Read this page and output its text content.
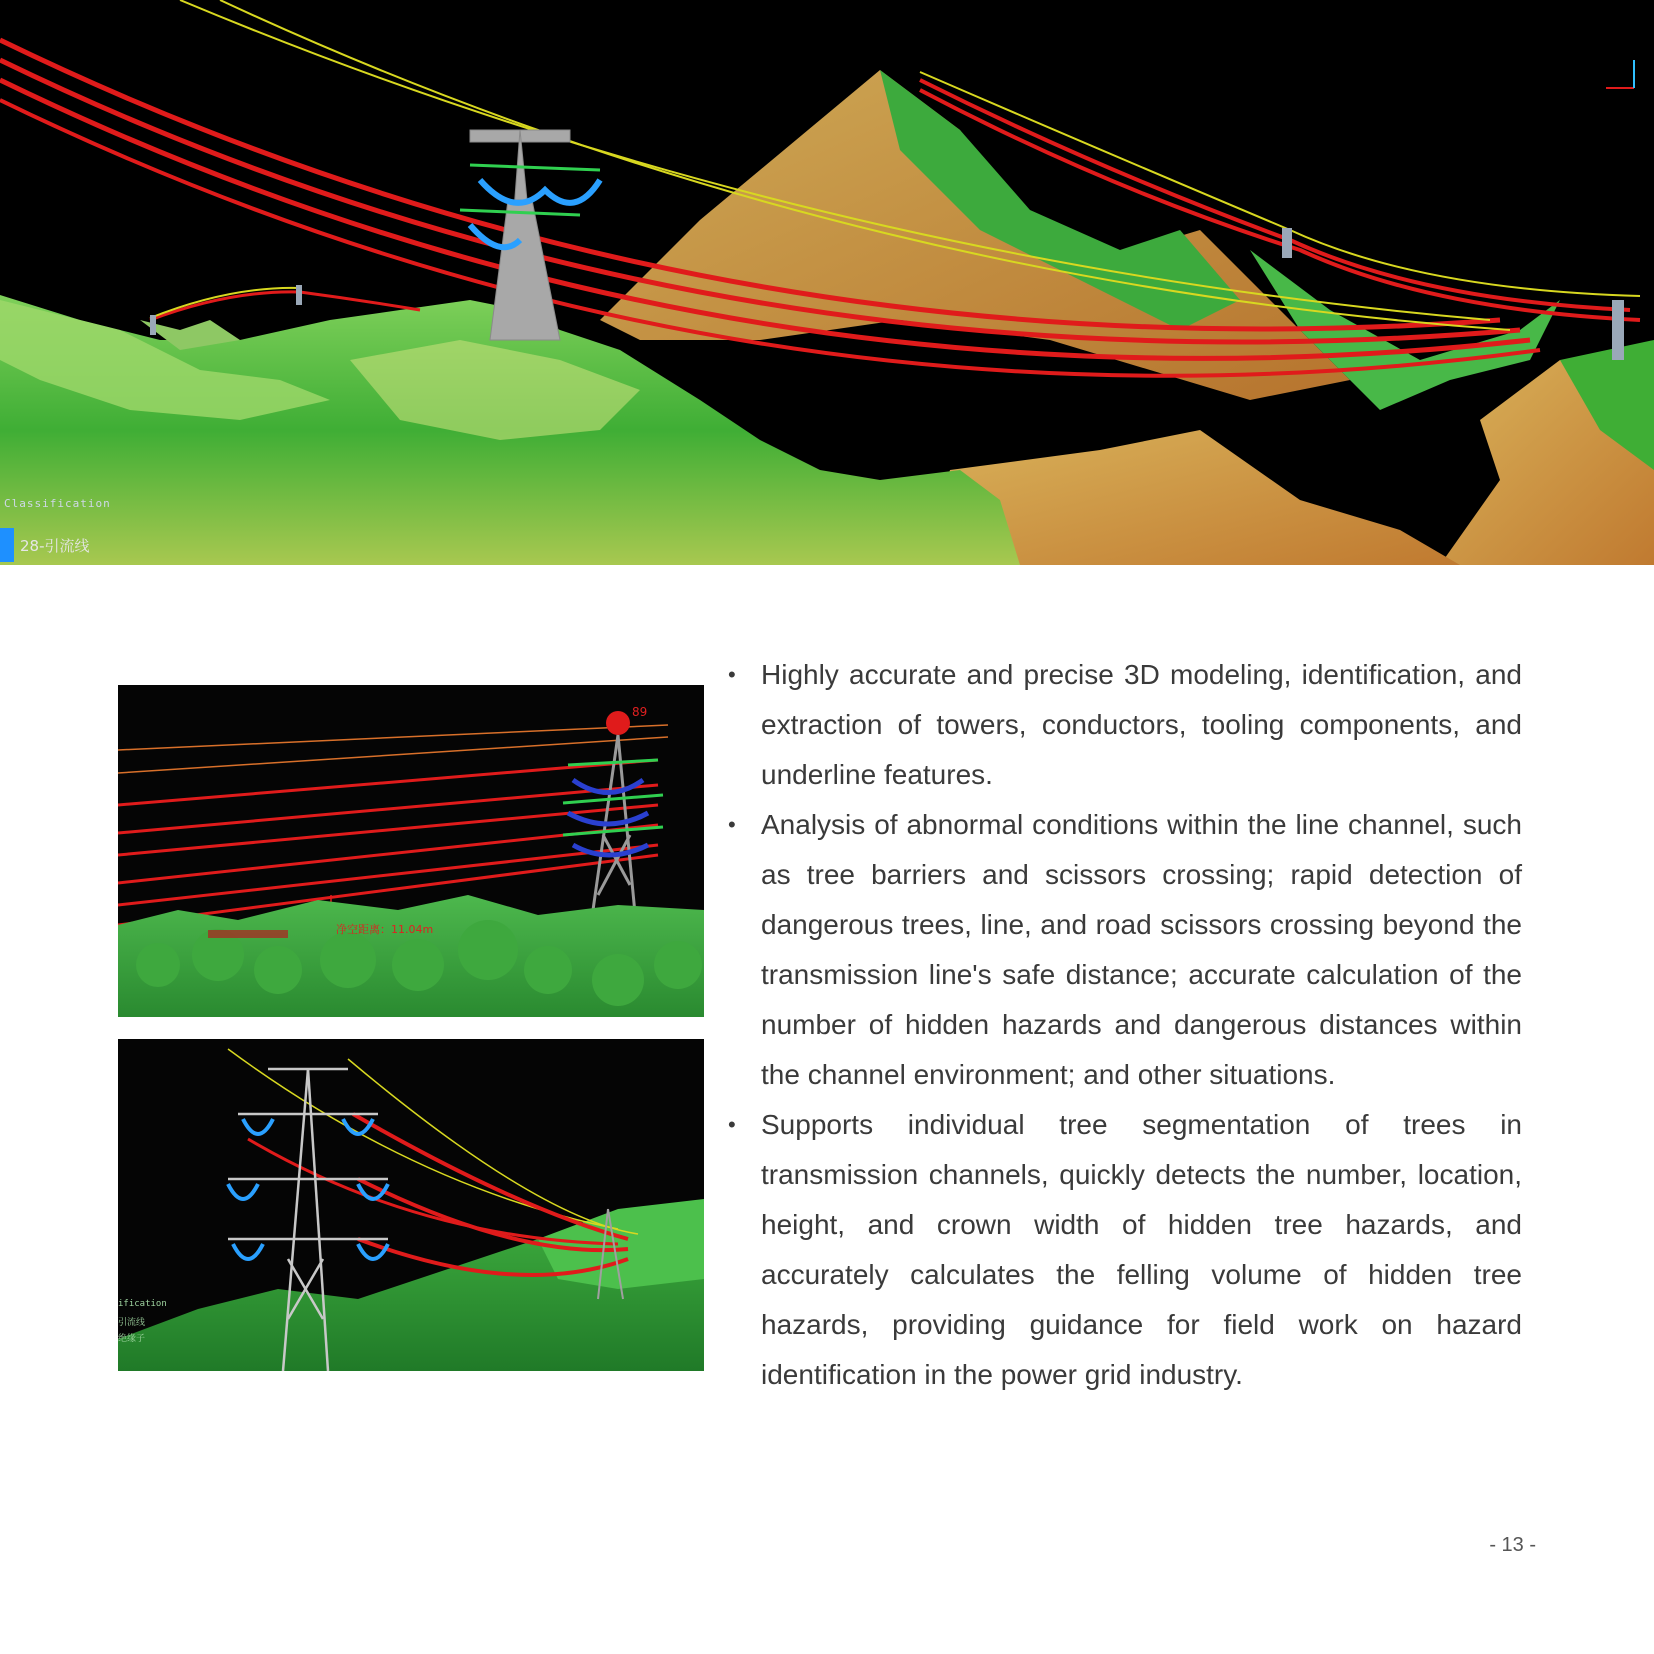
Classification
28-引流线
89
净空距离：11.04m
ification
引流线
绝缘子
• Highly accurate and precise 3D modeling, identification, and extraction of towers, conductors, tooling components, and underline features.
• Analysis of abnormal conditions within the line channel, such as tree barriers and scissors crossing; rapid detection of dangerous trees, line, and road scissors crossing beyond the transmission line's safe distance; accurate calculation of the number of hidden hazards and dangerous distances within the channel environment; and other situations.
• Supports individual tree segmentation of trees in transmission channels, quickly detects the number, location, height, and crown width of hidden tree hazards, and accurately calculates the felling volume of hidden tree hazards, providing guidance for field work on hazard identification in the power grid industry.
- 13 -
